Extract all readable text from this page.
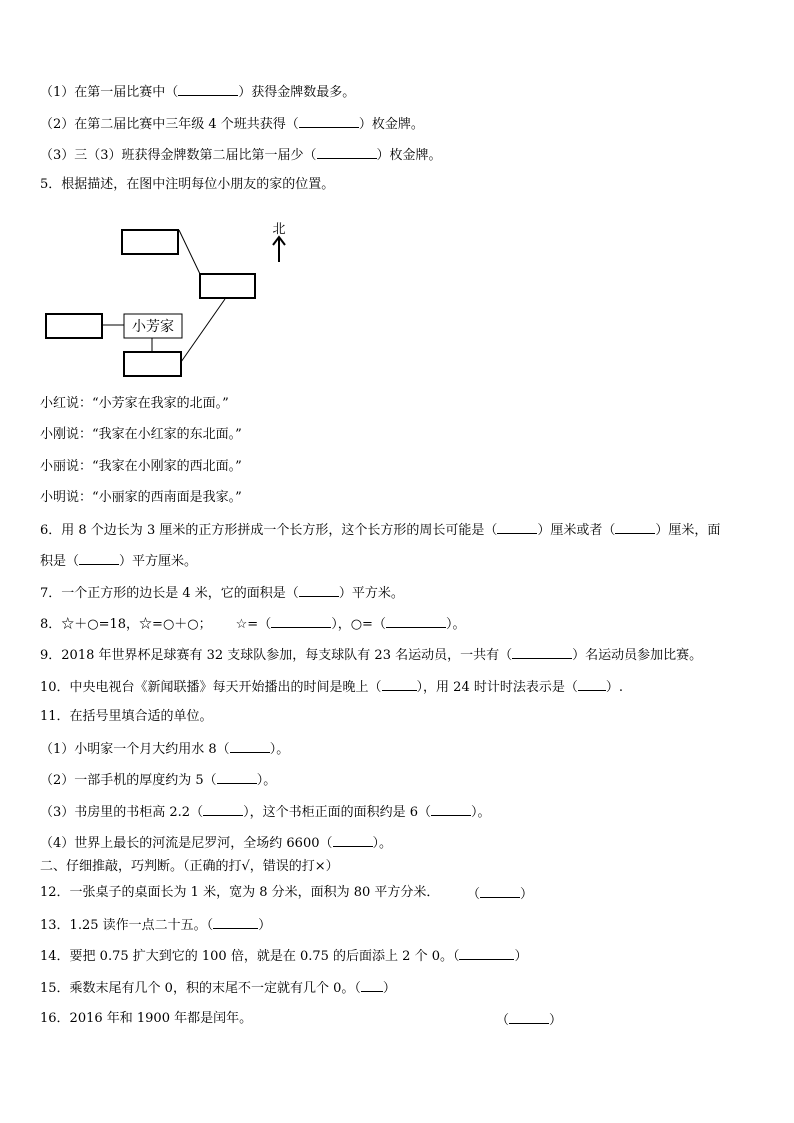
（1）在第一届比赛中（	）获得金牌数最多。
（2）在第二届比赛中三年级 4 个班共获得（	）枚金牌。
（3）三（3）班获得金牌数第二届比第一届少（	）枚金牌。
5．根据描述，在图中注明每位小朋友的家的位置。
小芳家
北
小红说：“小芳家在我家的北面。”
小刚说：“我家在小红家的东北面。”
小丽说：“我家在小刚家的西北面。”
小明说：“小丽家的西南面是我家。”
6．用 8 个边长为 3 厘米的正方形拼成一个长方形，这个长方形的周长可能是（	）厘米或者（	）厘米，面
积是（	）平方厘米。
7．一个正方形的边长是 4 米，它的面积是（	）平方米。
8．☆＋○=18，☆=○＋○； ☆=（	），○=（	）。
9．2018 年世界杯足球赛有 32 支球队参加，每支球队有 23 名运动员，一共有（	）名运动员参加比赛。
10．中央电视台《新闻联播》每天开始播出的时间是晚上（	），用 24 时计时法表示是（ ）.
11．在括号里填合适的单位。
（1）小明家一个月大约用水 8（	）。
（2）一部手机的厚度约为 5（	）。
（3）书房里的书柜高 2.2（	），这个书柜正面的面积约是 6（	）。
（4）世界上最长的河流是尼罗河，全场约 6600（	）。
二、仔细推敲，巧判断。（正确的打√，错误的打×）
12．一张桌子的桌面长为 1 米，宽为 8 分米，面积为 80 平方分米． （	）
13．1.25 读作一点二十五。（	）
14．要把 0.75 扩大到它的 100 倍，就是在 0.75 的后面添上 2 个 0。（	）
15．乘数末尾有几个 0，积的末尾不一定就有几个 0。（ ）
16．2016 年和 1900 年都是闰年。	（	）
